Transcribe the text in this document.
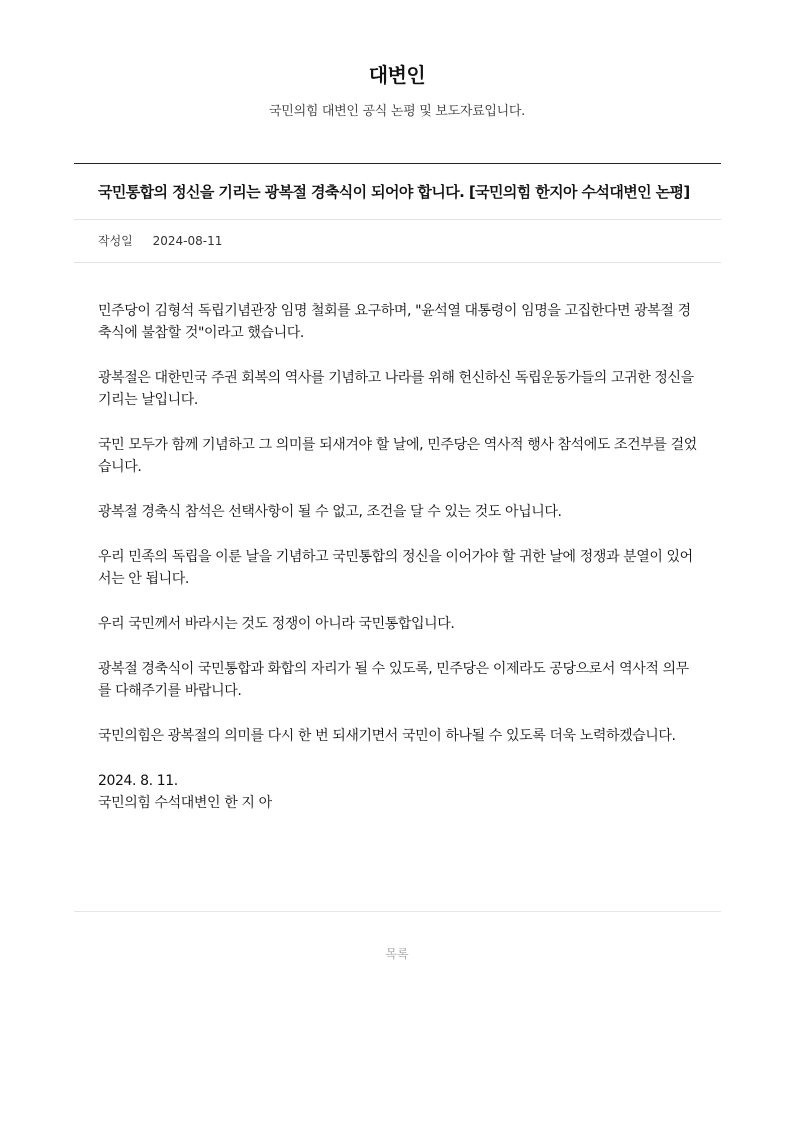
대변인

국민의힘 대변인 공식 논평 및 보도자료입니다.

국민통합의 정신을 기리는 광복절 경축식이 되어야 합니다. [국민의힘 한지아 수석대변인 논평]
작성일 2024-08-11

민주당이 김형석 독립기념관장 임명 철회를 요구하며, "윤석열 대통령이 임명을 고집한다면 광복절 경축식에 불참할 것"이라고 했습니다.

광복절은 대한민국 주권 회복의 역사를 기념하고 나라를 위해 헌신하신 독립운동가들의 고귀한 정신을 기리는 날입니다.

국민 모두가 함께 기념하고 그 의미를 되새겨야 할 날에, 민주당은 역사적 행사 참석에도 조건부를 걸었습니다.

광복절 경축식 참석은 선택사항이 될 수 없고, 조건을 달 수 있는 것도 아닙니다.

우리 민족의 독립을 이룬 날을 기념하고 국민통합의 정신을 이어가야 할 귀한 날에 정쟁과 분열이 있어서는 안 됩니다.

우리 국민께서 바라시는 것도 정쟁이 아니라 국민통합입니다.

광복절 경축식이 국민통합과 화합의 자리가 될 수 있도록, 민주당은 이제라도 공당으로서 역사적 의무를 다해주기를 바랍니다.

국민의힘은 광복절의 의미를 다시 한 번 되새기면서 국민이 하나될 수 있도록 더욱 노력하겠습니다.

2024. 8. 11.

국민의힘 수석대변인 한 지 아

목록
